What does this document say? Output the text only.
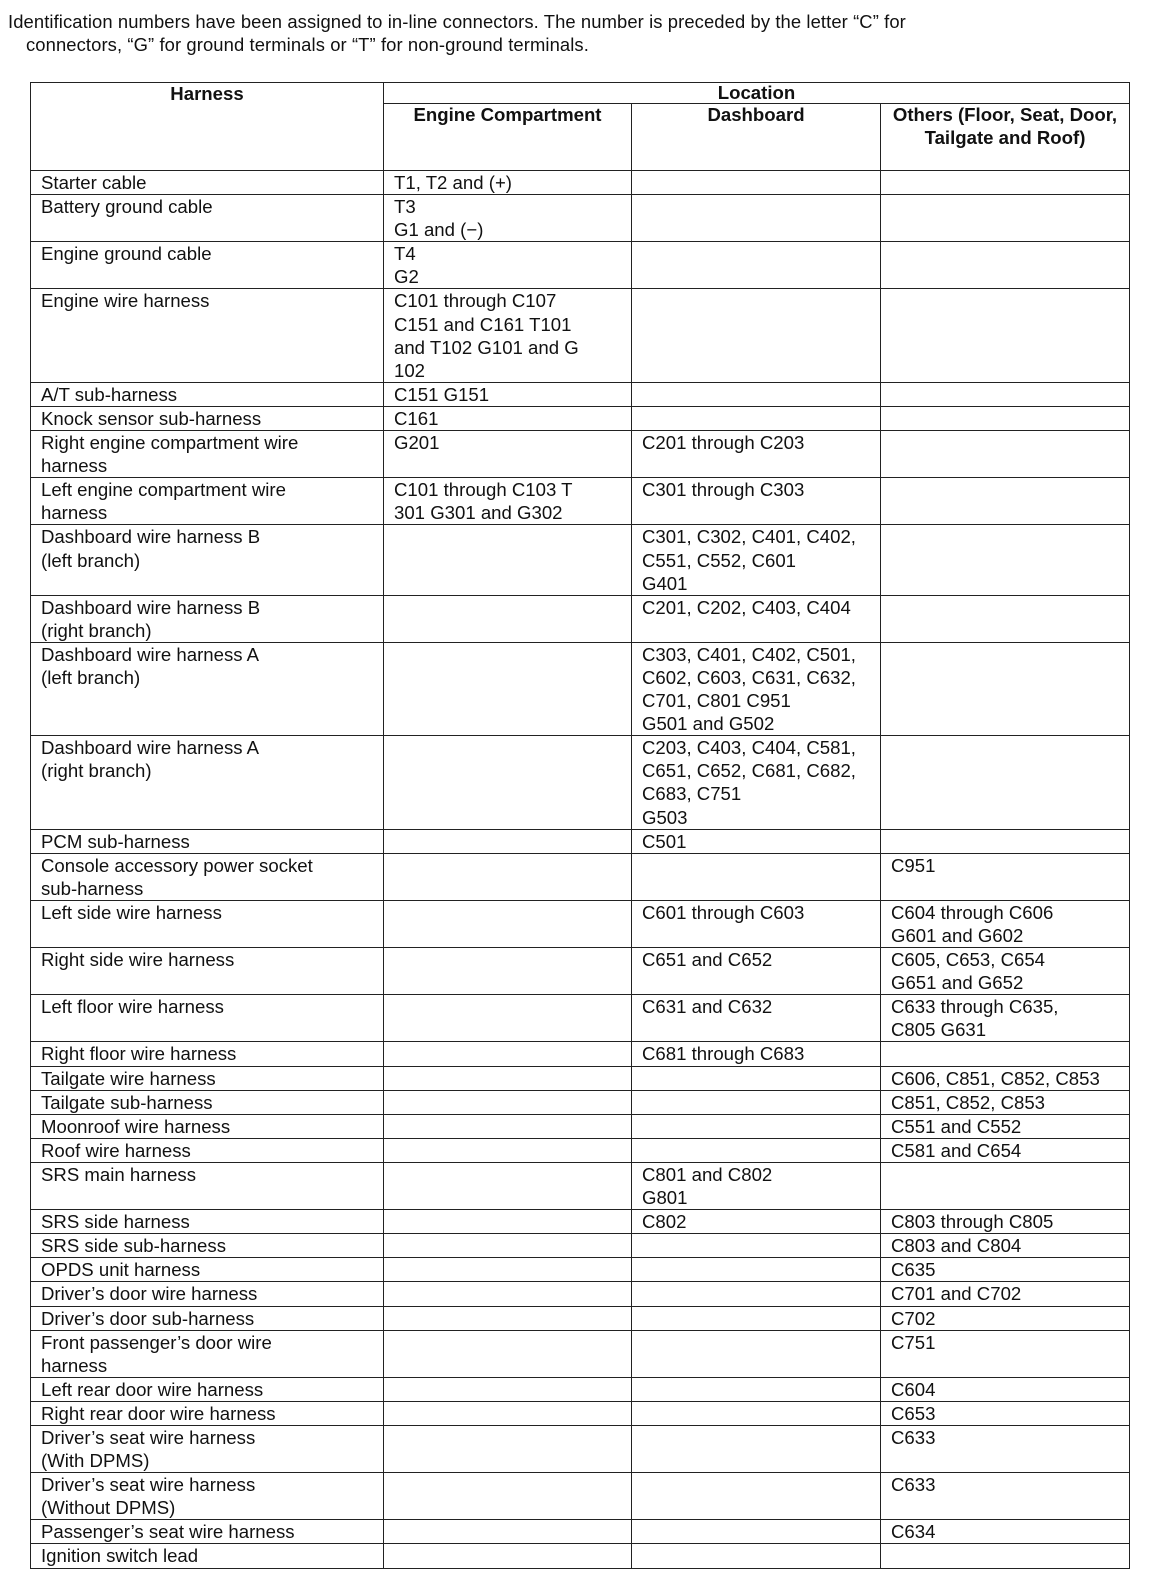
Identification numbers have been assigned to in-line connectors. The number is preceded by the letter “C” for
connectors, “G” for ground terminals or “T” for non-ground terminals.
Harness	Location		
	Engine Compartment	Dashboard	Others (Floor, Seat, Door, Tailgate and Roof)

Starter cable	T1, T2 and (+)		

Battery ground cable	T3
G1 and (−)		

Engine ground cable	T4
G2		

Engine wire harness	C101 through C107
C151 and C161 T101
and T102 G101 and G
102		

A/T sub-harness	C151 G151		

Knock sensor sub-harness	C161		

Right engine compartment wire
harness	G201	C201 through C203	

Left engine compartment wire
harness	C101 through C103 T
301 G301 and G302	C301 through C303	

Dashboard wire harness B
(left branch)		C301, C302, C401, C402,
C551, C552, C601
G401	

Dashboard wire harness B
(right branch)		C201, C202, C403, C404	

Dashboard wire harness A
(left branch)		C303, C401, C402, C501,
C602, C603, C631, C632,
C701, C801 C951
G501 and G502	

Dashboard wire harness A
(right branch)		C203, C403, C404, C581,
C651, C652, C681, C682,
C683, C751
G503	

PCM sub-harness		C501	

Console accessory power socket
sub-harness			C951

Left side wire harness		C601 through C603	C604 through C606
G601 and G602

Right side wire harness		C651 and C652	C605, C653, C654
G651 and G652

Left floor wire harness		C631 and C632	C633 through C635,
C805 G631

Right floor wire harness		C681 through C683	

Tailgate wire harness			C606, C851, C852, C853

Tailgate sub-harness			C851, C852, C853

Moonroof wire harness			C551 and C552

Roof wire harness			C581 and C654

SRS main harness		C801 and C802
G801	

SRS side harness		C802	C803 through C805

SRS side sub-harness			C803 and C804

OPDS unit harness			C635

Driver’s door wire harness			C701 and C702

Driver’s door sub-harness			C702

Front passenger’s door wire
harness			C751

Left rear door wire harness			C604

Right rear door wire harness			C653

Driver’s seat wire harness
(With DPMS)			C633

Driver’s seat wire harness
(Without DPMS)			C633

Passenger’s seat wire harness			C634

Ignition switch lead			
